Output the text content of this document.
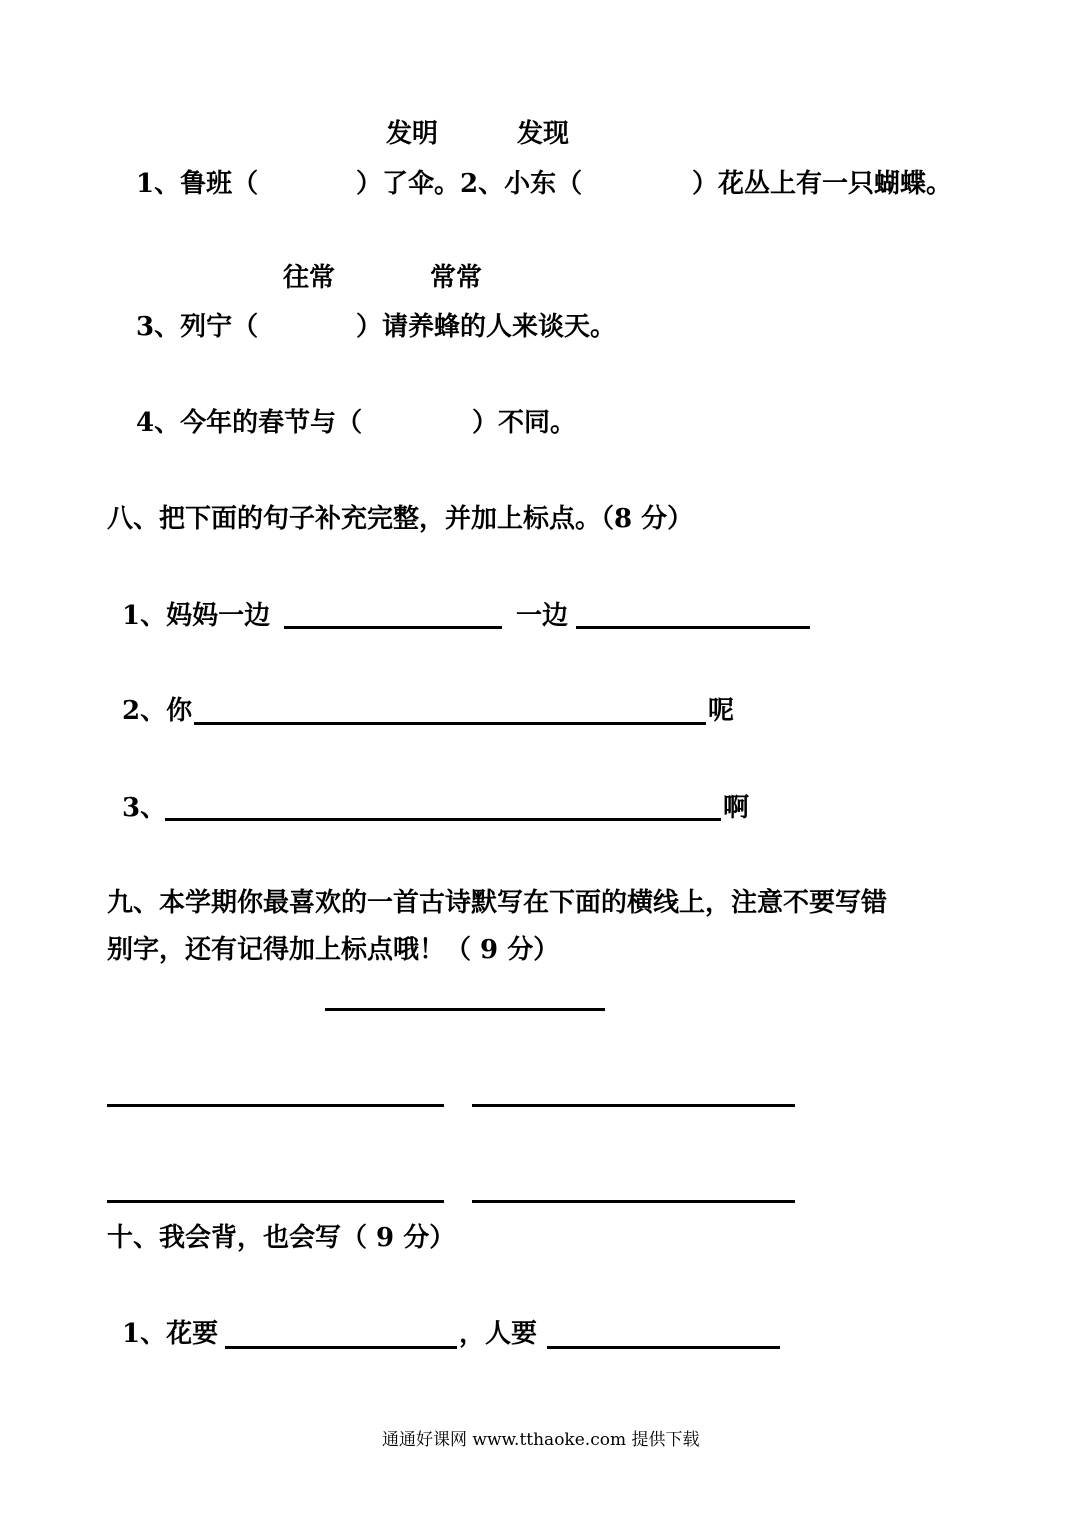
发明	发现
1、鲁班（	）了伞。2、小东（	）花丛上有一只蝴蝶。
往常	常常
3、列宁（	）请养蜂的人来谈天。
4、今年的春节与（	）不同。
八、把下面的句子补充完整，并加上标点。（8 分）
1、妈妈一边	一边
2、你	呢
3、	啊
九、本学期你最喜欢的一首古诗默写在下面的横线上，注意不要写错
别字，还有记得加上标点哦！（ 9 分）
十、我会背，也会写（ 9 分）
1、花要	，人要
通通好课网 www.tthaoke.com 提供下载
